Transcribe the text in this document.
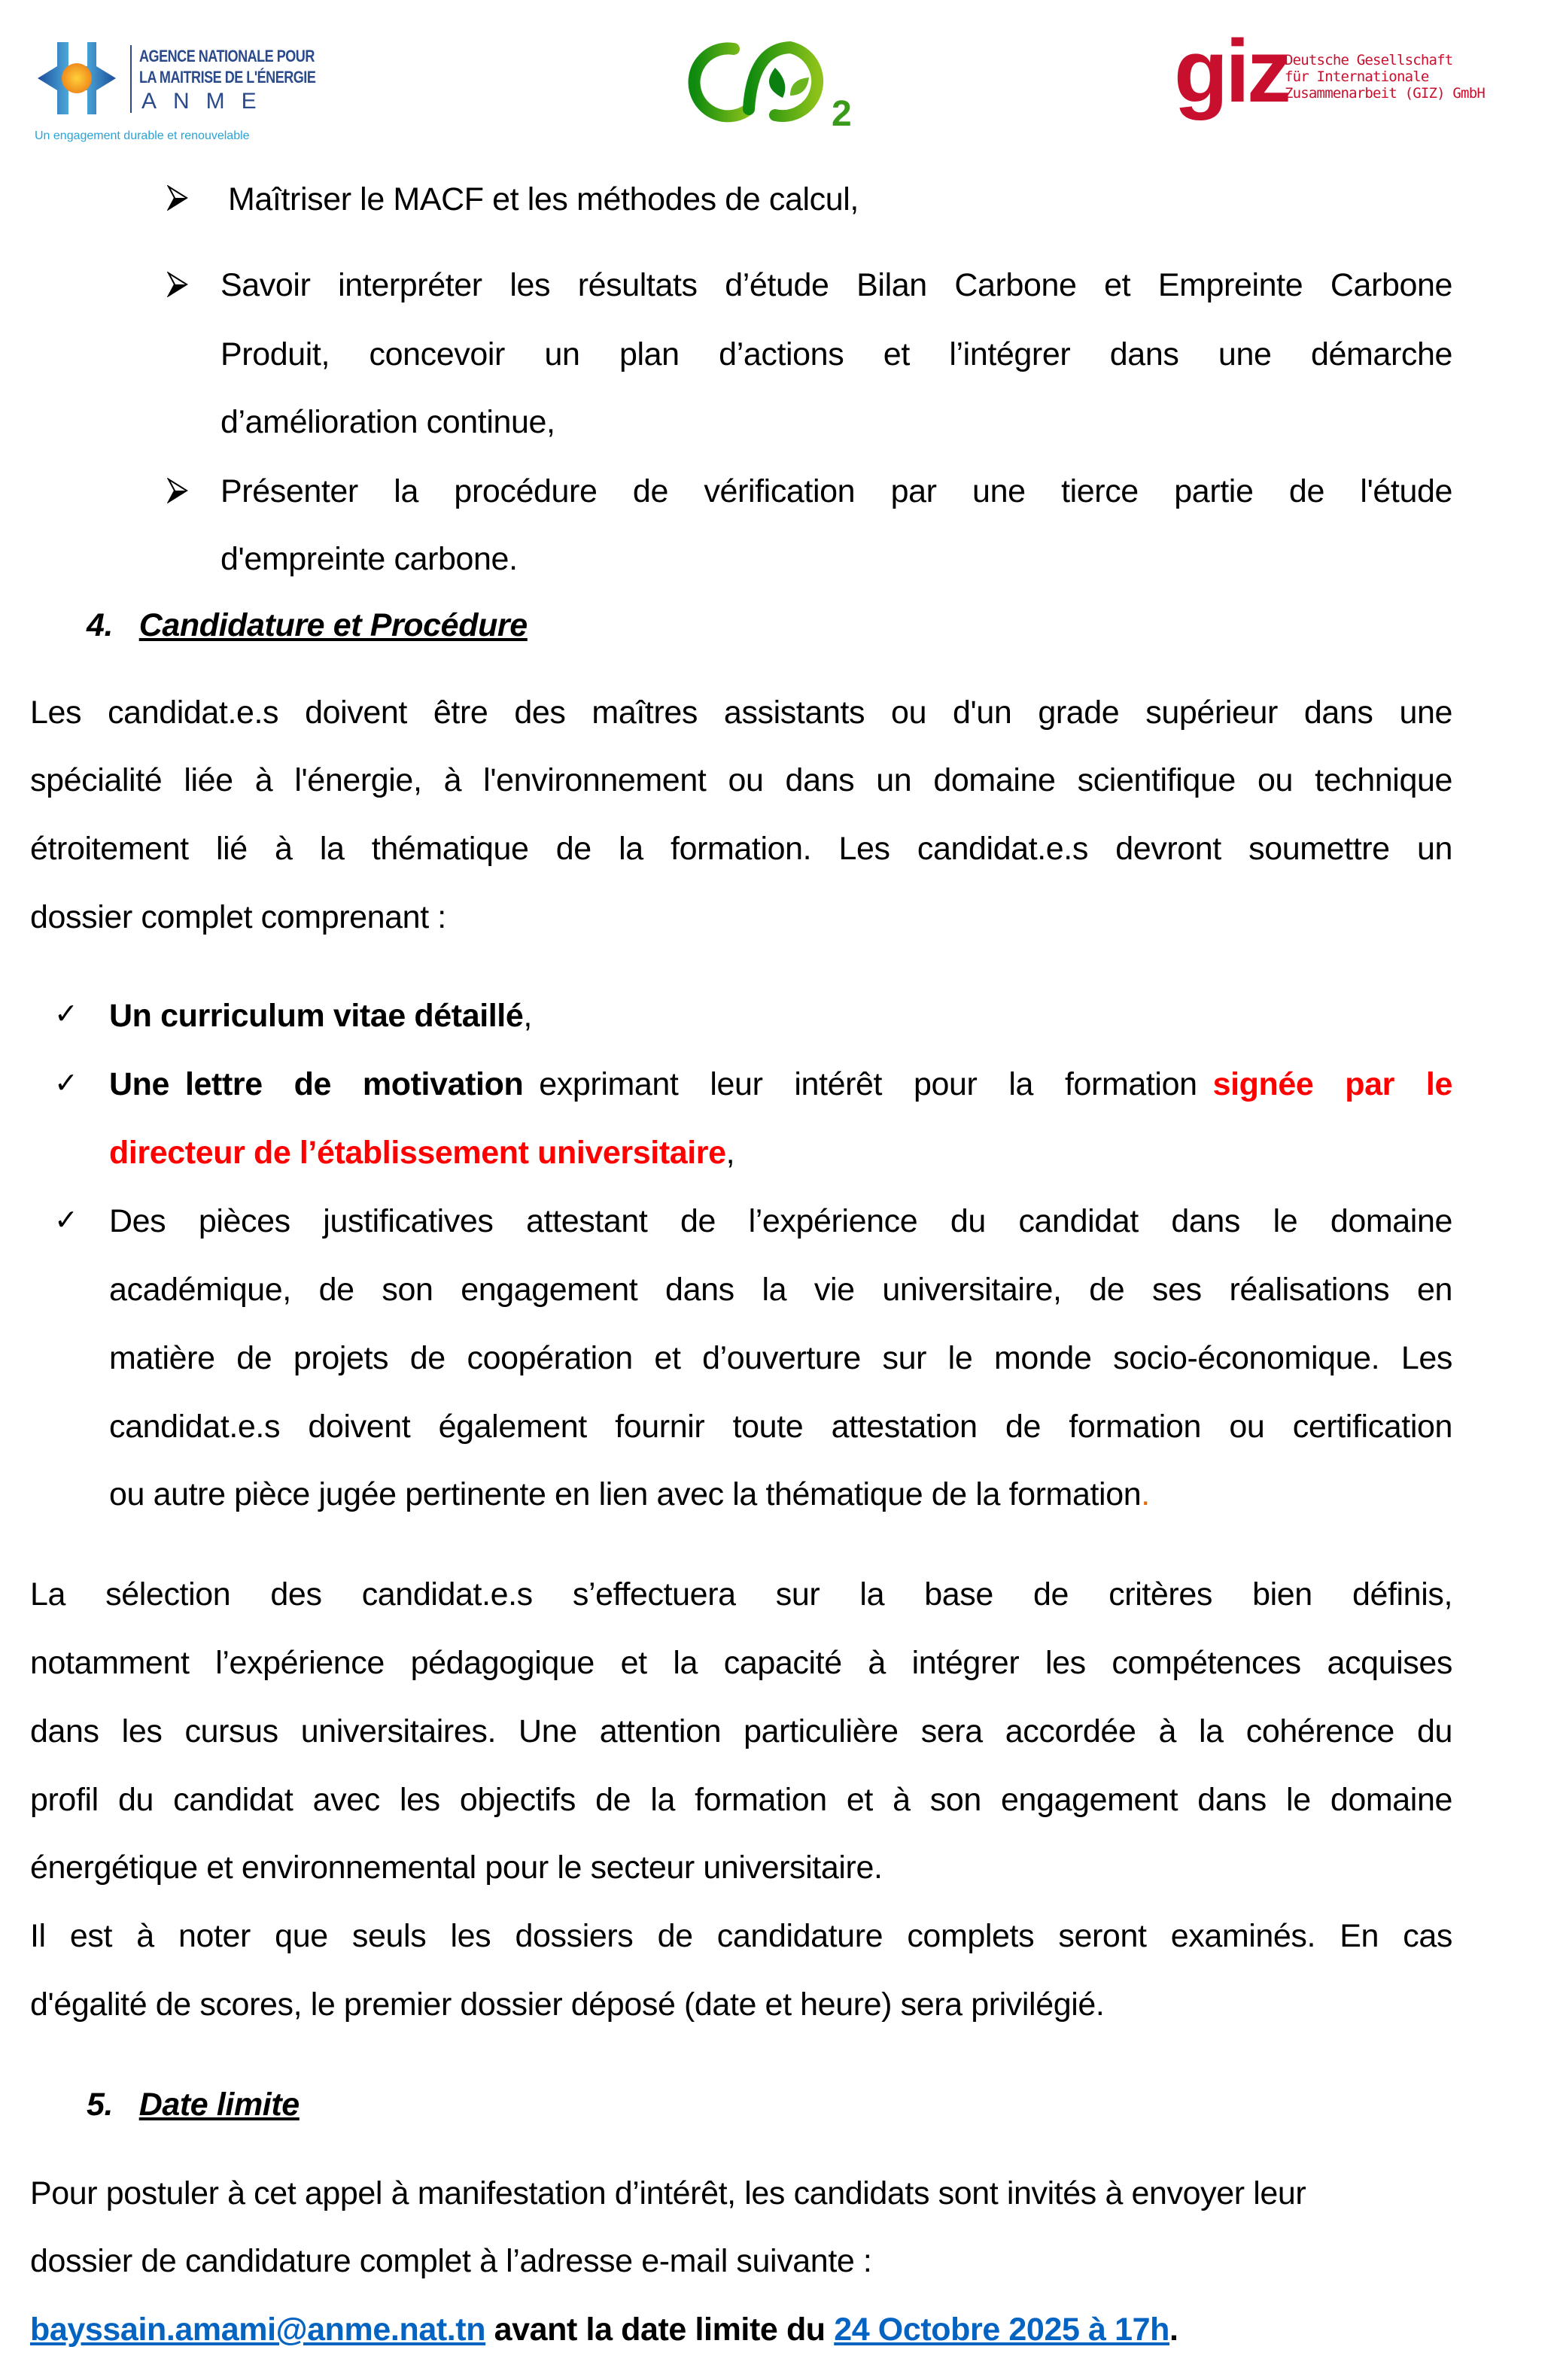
AGENCE NATIONALE POUR
LA MAITRISE DE L'ÉNERGIE
ANME
Un engagement durable et renouvelable
2	giz
Deutsche Gesellschaft
für Internationale
Zusammenarbeit (GIZ) GmbH
Maîtriser le MACF et les méthodes de calcul,
Savoir interpréter les résultats d’étude Bilan Carbone et Empreinte Carbone
Produit, concevoir un plan d’actions et l’intégrer dans une démarche
d’amélioration continue,
Présenter la procédure de vérification par une tierce partie de l'étude
d'empreinte carbone.
4. Candidature et Procédure
Les candidat.e.s doivent être des maîtres assistants ou d'un grade supérieur dans une
spécialité liée à l'énergie, à l'environnement ou dans un domaine scientifique ou technique
étroitement lié à la thématique de la formation. Les candidat.e.s devront soumettre un
dossier complet comprenant :
✓ Un curriculum vitae détaillé,
✓ Une lettre  de  motivation exprimant  leur  intérêt  pour  la  formation signée  par  le
directeur de l’établissement universitaire,
✓ Des pièces justificatives attestant de l’expérience du candidat dans le domaine
académique, de son engagement dans la vie universitaire, de ses réalisations en
matière de projets de coopération et d’ouverture sur le monde socio-économique. Les
candidat.e.s doivent également fournir toute attestation de formation ou certification
ou autre pièce jugée pertinente en lien avec la thématique de la formation.
La sélection des candidat.e.s s’effectuera sur la base de critères bien définis,
notamment l’expérience pédagogique et la capacité à intégrer les compétences acquises
dans les cursus universitaires. Une attention particulière sera accordée à la cohérence du
profil du candidat avec les objectifs de la formation et à son engagement dans le domaine
énergétique et environnemental pour le secteur universitaire.
Il est à noter que seuls les dossiers de candidature complets seront examinés. En cas
d'égalité de scores, le premier dossier déposé (date et heure) sera privilégié.
5. Date limite
Pour postuler à cet appel à manifestation d’intérêt, les candidats sont invités à envoyer leur
dossier de candidature complet à l’adresse e-mail suivante :
bayssain.amami@anme.nat.tn avant la date limite du 24 Octobre 2025 à 17h.
